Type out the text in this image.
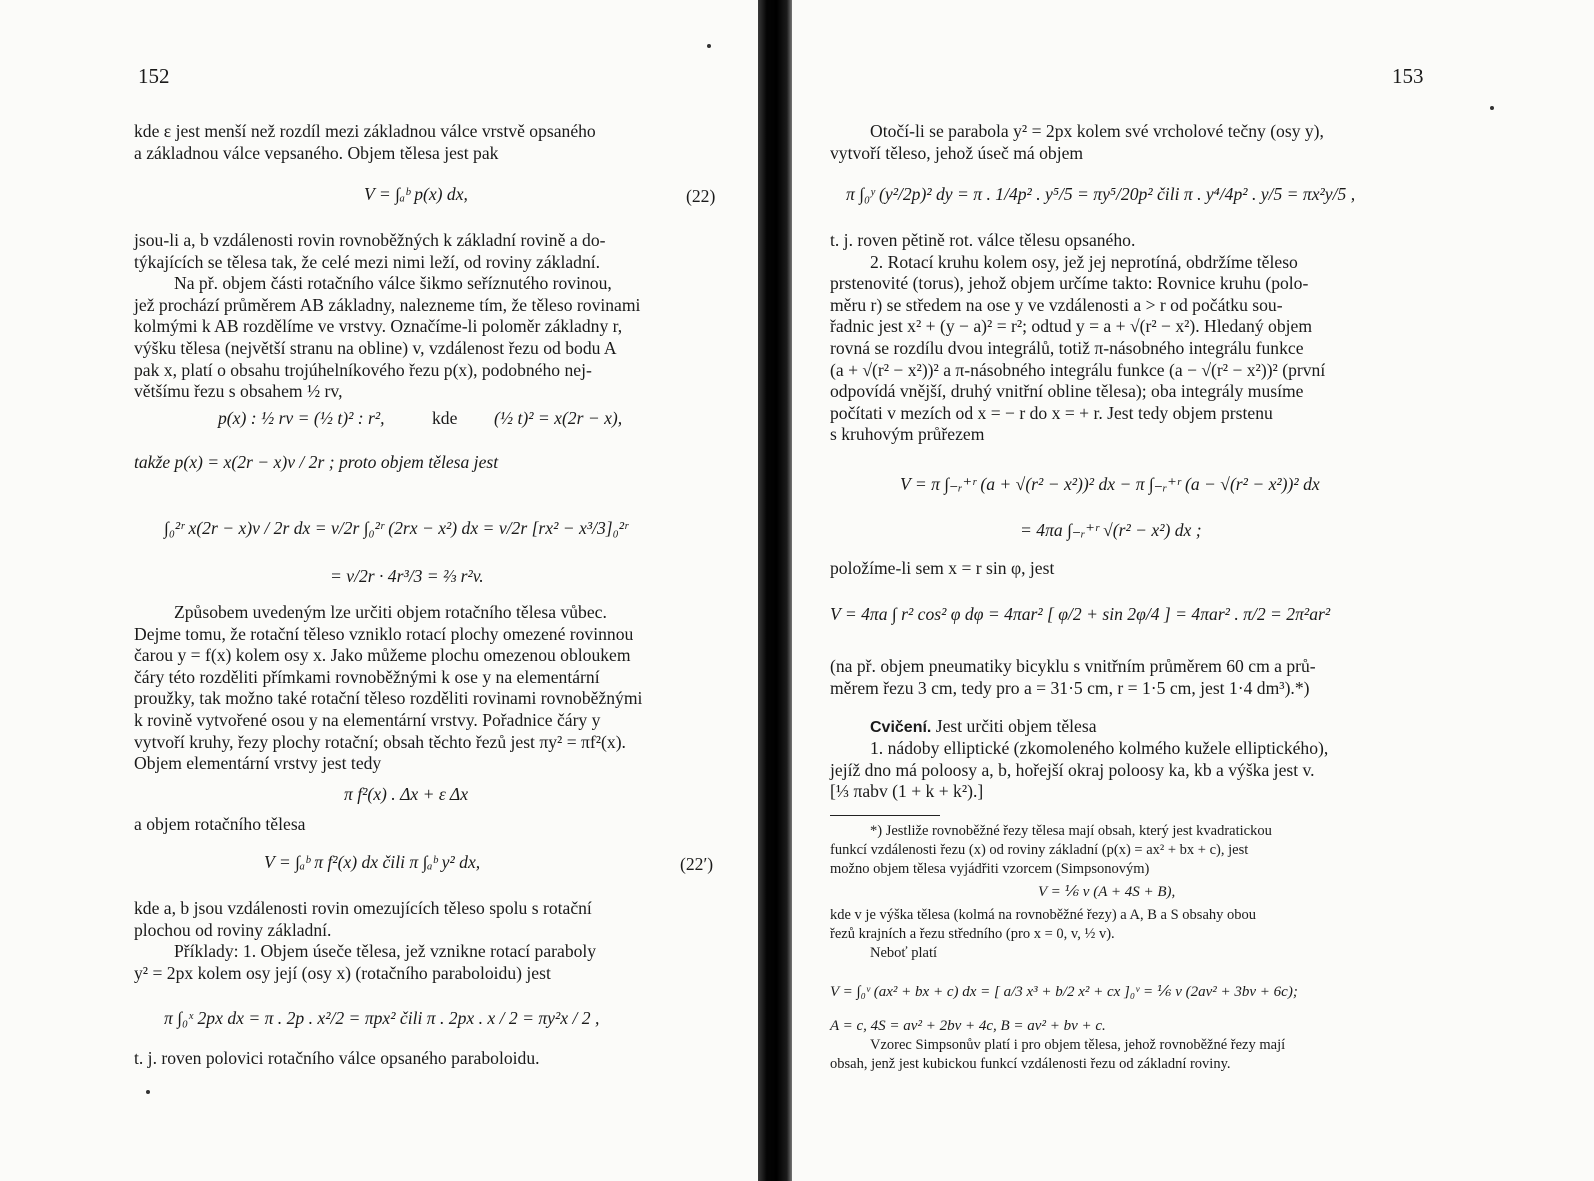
152
kde ε jest menší než rozdíl mezi základnou válce vrstvě opsaného
a základnou válce vepsaného. Objem tělesa jest pak
V = ∫ₐᵇ p(x) dx,	(22)
jsou-li a, b vzdálenosti rovin rovnoběžných k základní rovině a do-
týkajících se tělesa tak, že celé mezi nimi leží, od roviny základní.
Na př. objem části rotačního válce šikmo seříznutého rovinou,
jež prochází průměrem AB základny, nalezneme tím, že těleso rovinami
kolmými k AB rozdělíme ve vrstvy. Označíme-li poloměr základny r,
výšku tělesa (největší stranu na obline) v, vzdálenost řezu od bodu A
pak x, platí o obsahu trojúhelníkového řezu p(x), podobného nej-
většímu řezu s obsahem ½ rv,
p(x) : ½ rv = (½ t)² : r²,	kde (½ t)² = x(2r − x),
takže p(x) = x(2r − x)v / 2r ; proto objem tělesa jest
∫₀²ʳ x(2r − x)v / 2r dx = v/2r ∫₀²ʳ (2rx − x²) dx = v/2r [rx² − x³/3]₀²ʳ
= v/2r · 4r³/3 = ⅔ r²v.
Způsobem uvedeným lze určiti objem rotačního tělesa vůbec.
Dejme tomu, že rotační těleso vzniklo rotací plochy omezené rovinnou
čarou y = f(x) kolem osy x. Jako můžeme plochu omezenou obloukem
čáry této rozděliti přímkami rovnoběžnými k ose y na elementární
proužky, tak možno také rotační těleso rozděliti rovinami rovnoběžnými
k rovině vytvořené osou y na elementární vrstvy. Pořadnice čáry y
vytvoří kruhy, řezy plochy rotační; obsah těchto řezů jest πy² = πf²(x).
Objem elementární vrstvy jest tedy
π f²(x) . Δx + ε Δx
a objem rotačního tělesa
V = ∫ₐᵇ π f²(x) dx čili π ∫ₐᵇ y² dx,	(22′)
kde a, b jsou vzdálenosti rovin omezujících těleso spolu s rotační
plochou od roviny základní.
Příklady: 1. Objem úseče tělesa, jež vznikne rotací paraboly
y² = 2px kolem osy její (osy x) (rotačního paraboloidu) jest
π ∫₀ˣ 2px dx = π . 2p . x²/2 = πpx² čili π . 2px . x / 2 = πy²x / 2 ,
t. j. roven polovici rotačního válce opsaného paraboloidu.
153
Otočí-li se parabola y² = 2px kolem své vrcholové tečny (osy y),
vytvoří těleso, jehož úseč má objem
π ∫₀ʸ (y²/2p)² dy = π . 1/4p² . y⁵/5 = πy⁵/20p² čili π . y⁴/4p² . y/5 = πx²y/5 ,
t. j. roven pětině rot. válce tělesu opsaného.
2. Rotací kruhu kolem osy, jež jej neprotíná, obdržíme těleso
prstenovité (torus), jehož objem určíme takto: Rovnice kruhu (polo-
měru r) se středem na ose y ve vzdálenosti a > r od počátku sou-
řadnic jest x² + (y − a)² = r²; odtud y = a + √(r² − x²). Hledaný objem
rovná se rozdílu dvou integrálů, totiž π-násobného integrálu funkce
(a + √(r² − x²))² a π-násobného integrálu funkce (a − √(r² − x²))² (první
odpovídá vnější, druhý vnitřní obline tělesa); oba integrály musíme
počítati v mezích od x = − r do x = + r. Jest tedy objem prstenu
s kruhovým průřezem
V = π ∫₋ᵣ⁺ʳ (a + √(r² − x²))² dx − π ∫₋ᵣ⁺ʳ (a − √(r² − x²))² dx
= 4πa ∫₋ᵣ⁺ʳ √(r² − x²) dx ;
položíme-li sem x = r sin φ, jest
V = 4πa ∫ r² cos² φ dφ = 4πar² [ φ/2 + sin 2φ/4 ] = 4πar² . π/2 = 2π²ar²
(na př. objem pneumatiky bicyklu s vnitřním průměrem 60 cm a prů-
měrem řezu 3 cm, tedy pro a = 31·5 cm, r = 1·5 cm, jest 1·4 dm³).*)
Cvičení. Jest určiti objem tělesa
1. nádoby elliptické (zkomoleného kolmého kužele elliptického),
jejíž dno má poloosy a, b, hořejší okraj poloosy ka, kb a výška jest v.
[⅓ πabv (1 + k + k²).]
*) Jestliže rovnoběžné řezy tělesa mají obsah, který jest kvadratickou
funkcí vzdálenosti řezu (x) od roviny základní (p(x) = ax² + bx + c), jest
možno objem tělesa vyjádřiti vzorcem (Simpsonovým)
V = ⅙ v (A + 4S + B),
kde v je výška tělesa (kolmá na rovnoběžné řezy) a A, B a S obsahy obou
řezů krajních a řezu středního (pro x = 0, v, ½ v).
Neboť platí
V = ∫₀ᵛ (ax² + bx + c) dx = [ a/3 x³ + b/2 x² + cx ]₀ᵛ = ⅙ v (2av² + 3bv + 6c);
A = c, 4S = av² + 2bv + 4c, B = av² + bv + c.
Vzorec Simpsonův platí i pro objem tělesa, jehož rovnoběžné řezy mají
obsah, jenž jest kubickou funkcí vzdálenosti řezu od základní roviny.
